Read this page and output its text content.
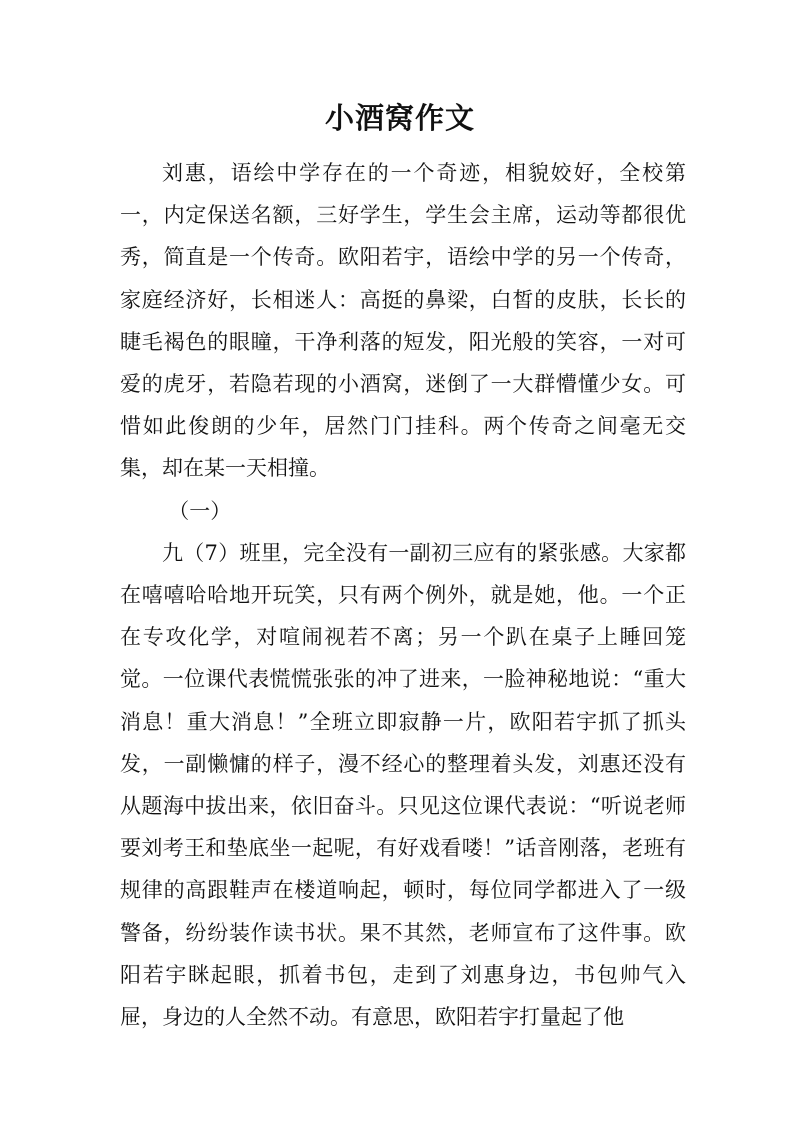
小酒窝作文

刘惠，语绘中学存在的一个奇迹，相貌姣好，全校第一，内定保送名额，三好学生，学生会主席，运动等都很优秀，简直是一个传奇。欧阳若宇，语绘中学的另一个传奇，家庭经济好，长相迷人：高挺的鼻梁，白皙的皮肤，长长的睫毛褐色的眼瞳，干净利落的短发，阳光般的笑容，一对可爱的虎牙，若隐若现的小酒窝，迷倒了一大群懵懂少女。可惜如此俊朗的少年，居然门门挂科。两个传奇之间毫无交集，却在某一天相撞。

（一）

九（7）班里，完全没有一副初三应有的紧张感。大家都在嘻嘻哈哈地开玩笑，只有两个例外，就是她，他。一个正在专攻化学，对喧闹视若不离；另一个趴在桌子上睡回笼觉。一位课代表慌慌张张的冲了进来，一脸神秘地说：“重大消息！重大消息！”全班立即寂静一片，欧阳若宇抓了抓头发，一副懒慵的样子，漫不经心的整理着头发，刘惠还没有从题海中拔出来，依旧奋斗。只见这位课代表说：“听说老师要刘考王和垫底坐一起呢，有好戏看喽！”话音刚落，老班有规律的高跟鞋声在楼道响起，顿时，每位同学都进入了一级警备，纷纷装作读书状。果不其然，老师宣布了这件事。欧阳若宇眯起眼，抓着书包，走到了刘惠身边，书包帅气入屉，身边的人全然不动。有意思，欧阳若宇打量起了他
